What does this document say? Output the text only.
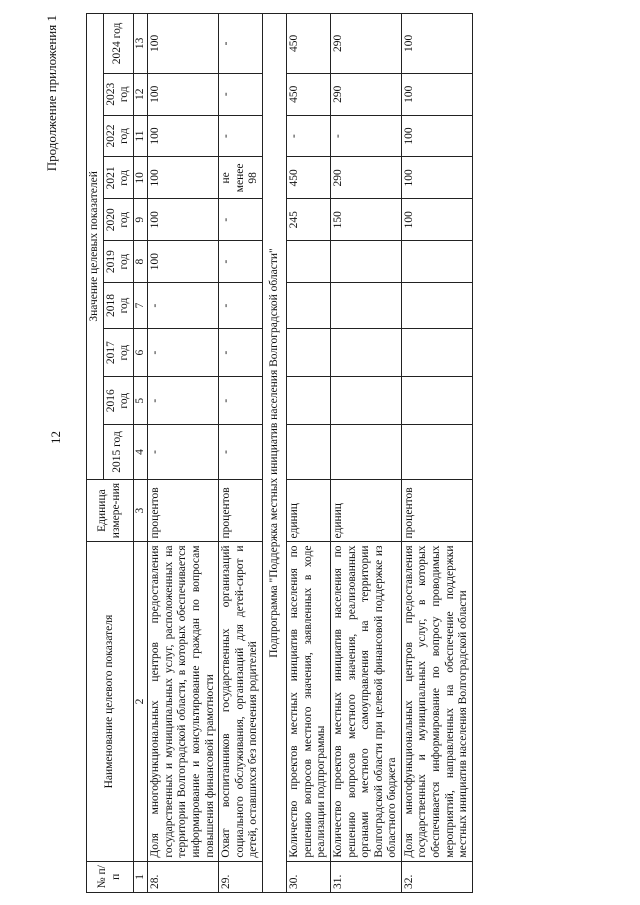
12
Продолжение приложения 1
№ п/п	Наименование целевого показателя	Единица измере-ния	Значение целевых показателей									
			2015 год	2016 год	2017 год	2018 год	2019 год	2020 год	2021 год	2022 год	2023 год	2024 год
1	2	3	4	5	6	7	8	9	10	11	12	13
28.	Доля многофункциональных центров предоставления государственных и муниципальных услуг, расположенных на территории Волгоградской области, в которых обеспечивается информирование и консультирование граждан по вопросам повышения финансовой грамотности	процентов	-	-	-	-	100	100	100	100	100	100
29.	Охват воспитанников государственных организаций социального обслуживания, организаций для детей-сирот и детей, оставшихся без попечения родителей	процентов	-	-	-	-	-	-	не менее 98	-	-	-
Подпрограмма "Поддержка местных инициатив населения Волгоградской области"												
30.	Количество проектов местных инициатив населения по решению вопросов местного значения, заявленных в ходе реализации подпрограммы	единиц						245	450	-	450	450
31.	Количество проектов местных инициатив населения по решению вопросов местного значения, реализованных органами местного самоуправления на территории Волгоградской области при целевой финансовой поддержке из областного бюджета	единиц						150	290	-	290	290
32.	Доля многофункциональных центров предоставления государственных и муниципальных услуг, в которых обеспечивается информирование по вопросу проводимых мероприятий, направленных на обеспечение поддержки местных инициатив населения Волгоградской области	процентов						100	100	100	100	100
